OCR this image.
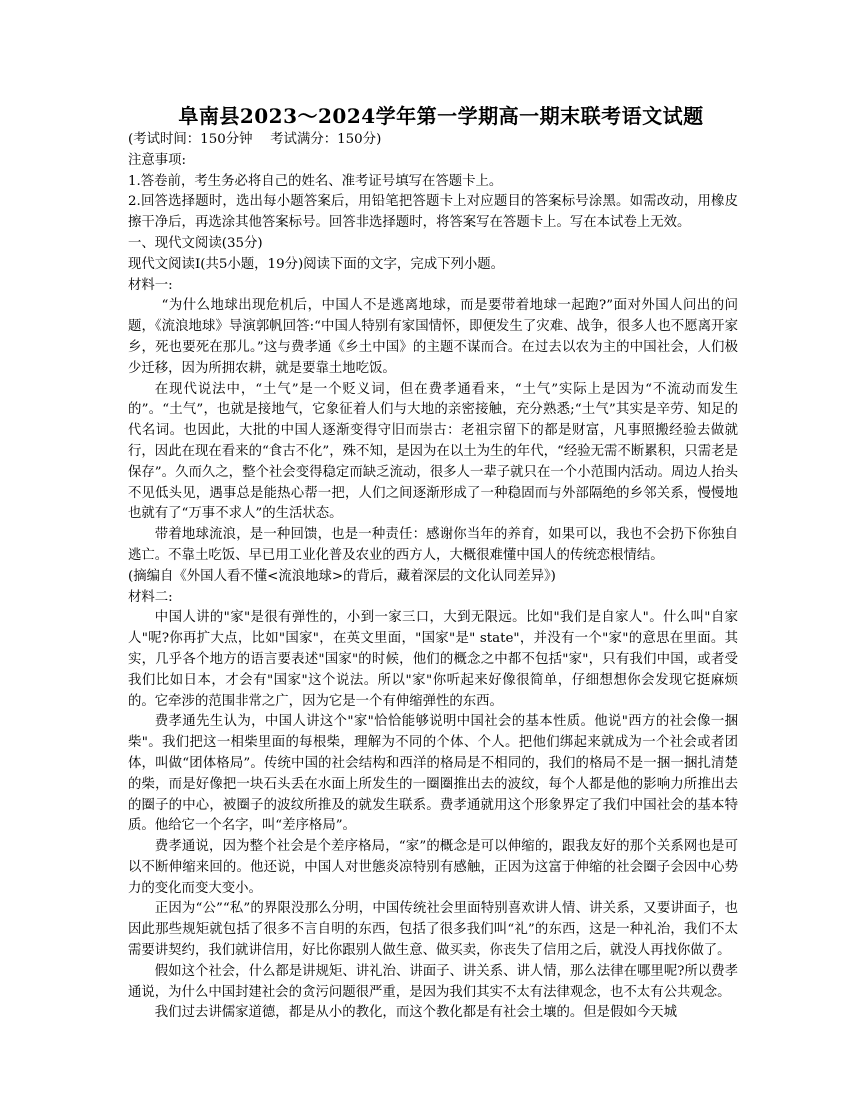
阜南县2023～2024学年第一学期高一期末联考语文试题

(考试时间：150分钟　 考试满分：150分)

注意事项:

1.答卷前，考生务必将自己的姓名、准考证号填写在答题卡上。

2.回答选择题时，选出每小题答案后，用铅笔把答题卡上对应题目的答案标号涂黑。如需改动，用橡皮擦干净后，再选涂其他答案标号。回答非选择题时，将答案写在答题卡上。写在本试卷上无效。

一、现代文阅读(35分)

现代文阅读Ⅰ(共5小题，19分)阅读下面的文字，完成下列小题。

材料一:

“为什么地球出现危机后，中国人不是逃离地球，而是要带着地球一起跑?”面对外国人问出的问题，《流浪地球》导演郭帆回答:“中国人特别有家国情怀，即便发生了灾难、战争，很多人也不愿离开家乡，死也要死在那儿。”这与费孝通《乡土中国》的主题不谋而合。在过去以农为主的中国社会，人们极少迁移，因为所拥农耕，就是要靠土地吃饭。

在现代说法中，“土气”是一个贬义词，但在费孝通看来，“土气”实际上是因为“不流动而发生的”。“土气”，也就是接地气，它象征着人们与大地的亲密接触，充分熟悉;“土气”其实是辛劳、知足的代名词。也因此，大批的中国人逐渐变得守旧而崇古：老祖宗留下的都是财富，凡事照搬经验去做就行，因此在现在看来的“食古不化”，殊不知，是因为在以土为生的年代，“经验无需不断累积，只需老是保存”。久而久之，整个社会变得稳定而缺乏流动，很多人一辈子就只在一个小范围内活动。周边人抬头不见低头见，遇事总是能热心帮一把，人们之间逐渐形成了一种稳固而与外部隔绝的乡邻关系，慢慢地也就有了“万事不求人”的生活状态。

带着地球流浪，是一种回馈，也是一种责任：感谢你当年的养育，如果可以，我也不会扔下你独自逃亡。不靠土吃饭、早已用工业化普及农业的西方人，大概很难懂中国人的传统恋根情结。

(摘编自《外国人看不懂<流浪地球>的背后，藏着深层的文化认同差异》)

材料二:

中国人讲的"家"是很有弹性的，小到一家三口，大到无限远。比如"我们是自家人"。什么叫"自家人"呢?你再扩大点，比如"国家"，在英文里面，"国家"是" state"，并没有一个"家"的意思在里面。其实，几乎各个地方的语言要表述"国家"的时候，他们的概念之中都不包括"家"，只有我们中国，或者受我们比如日本，才会有"国家"这个说法。所以"家"你听起来好像很简单，仔细想想你会发现它挺麻烦的。它牵涉的范围非常之广，因为它是一个有伸缩弹性的东西。

费孝通先生认为，中国人讲这个"家"恰恰能够说明中国社会的基本性质。他说"西方的社会像一捆柴"。我们把这一相柴里面的每根柴，理解为不同的个体、个人。把他们绑起来就成为一个社会或者团体，叫做“团体格局”。传统中国的社会结构和西洋的格局是不相同的，我们的格局不是一捆一捆扎清楚的柴，而是好像把一块石头丢在水面上所发生的一圈圈推出去的波纹，每个人都是他的影响力所推出去的圈子的中心，被圈子的波纹所推及的就发生联系。费孝通就用这个形象界定了我们中国社会的基本特质。他给它一个名字，叫“差序格局”。

费孝通说，因为整个社会是个差序格局，“家”的概念是可以伸缩的，跟我友好的那个关系网也是可以不断伸缩来回的。他还说，中国人对世態炎凉特别有感触，正因为这富于伸缩的社会圈子会因中心势力的变化而变大变小。

正因为“公”“私”的界限没那么分明，中国传统社会里面特别喜欢讲人情、讲关系，又要讲面子，也因此那些规矩就包括了很多不言自明的东西，包括了很多我们叫“礼”的东西，这是一种礼治，我们不太需要讲契约，我们就讲信用，好比你跟别人做生意、做买卖，你丧失了信用之后，就没人再找你做了。

假如这个社会，什么都是讲规矩、讲礼治、讲面子、讲关系、讲人情，那么法律在哪里呢?所以费孝通说，为什么中国封建社会的贪污问题很严重，是因为我们其实不太有法律观念，也不太有公共观念。

我们过去讲儒家道德，都是从小的教化，而这个教化都是有社会土壤的。但是假如今天城
